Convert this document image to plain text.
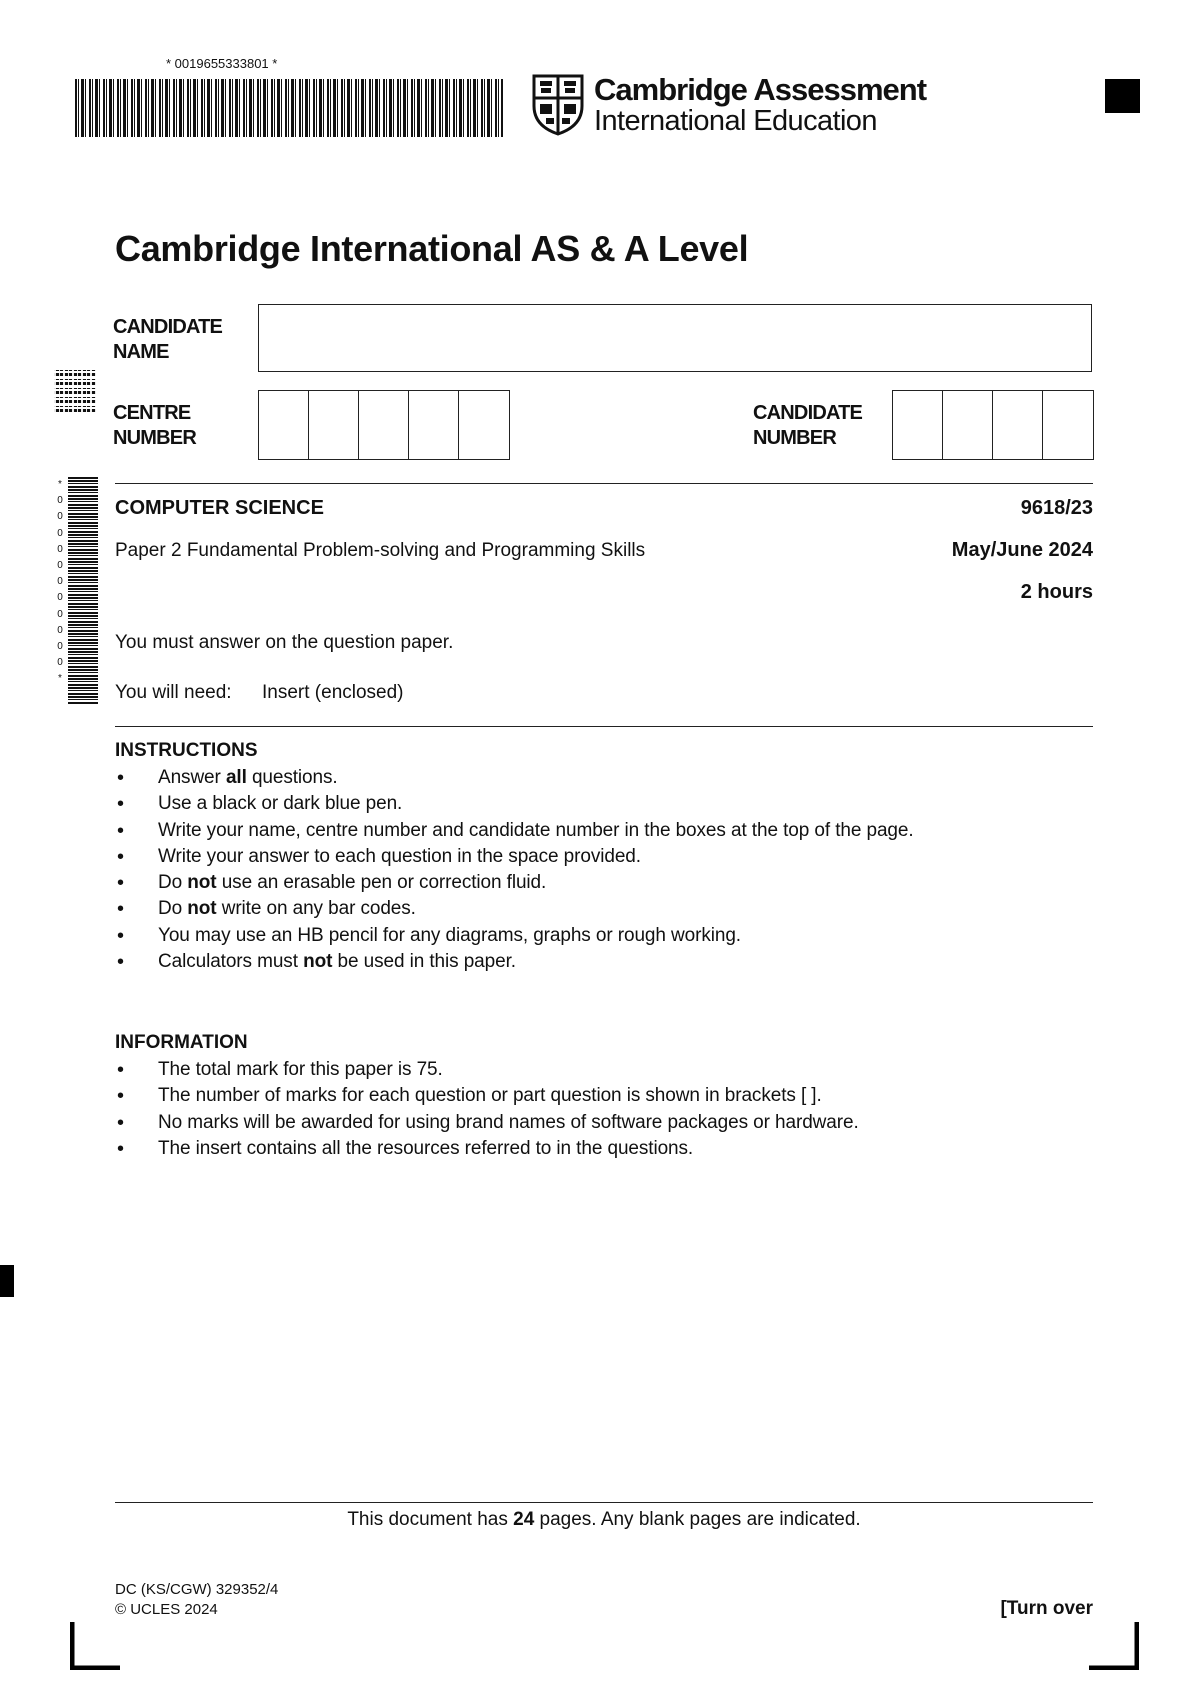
* 0019655333801 *
Cambridge Assessment
International Education
*
0
0
0
0
0
0
0
0
0
0
0
*
Cambridge International AS & A Level
CANDIDATE NAME
CENTRE NUMBER
CANDIDATE NUMBER
COMPUTER SCIENCE	9618/23
Paper 2 Fundamental Problem-solving and Programming Skills	May/June 2024
2 hours
You must answer on the question paper.
You will need: Insert (enclosed)
INSTRUCTIONS
• Answer all questions.
• Use a black or dark blue pen.
• Write your name, centre number and candidate number in the boxes at the top of the page.
• Write your answer to each question in the space provided.
• Do not use an erasable pen or correction fluid.
• Do not write on any bar codes.
• You may use an HB pencil for any diagrams, graphs or rough working.
• Calculators must not be used in this paper.
INFORMATION
• The total mark for this paper is 75.
• The number of marks for each question or part question is shown in brackets [ ].
• No marks will be awarded for using brand names of software packages or hardware.
• The insert contains all the resources referred to in the questions.
This document has 24 pages. Any blank pages are indicated.
DC (KS/CGW) 329352/4
© UCLES 2024	[Turn over
